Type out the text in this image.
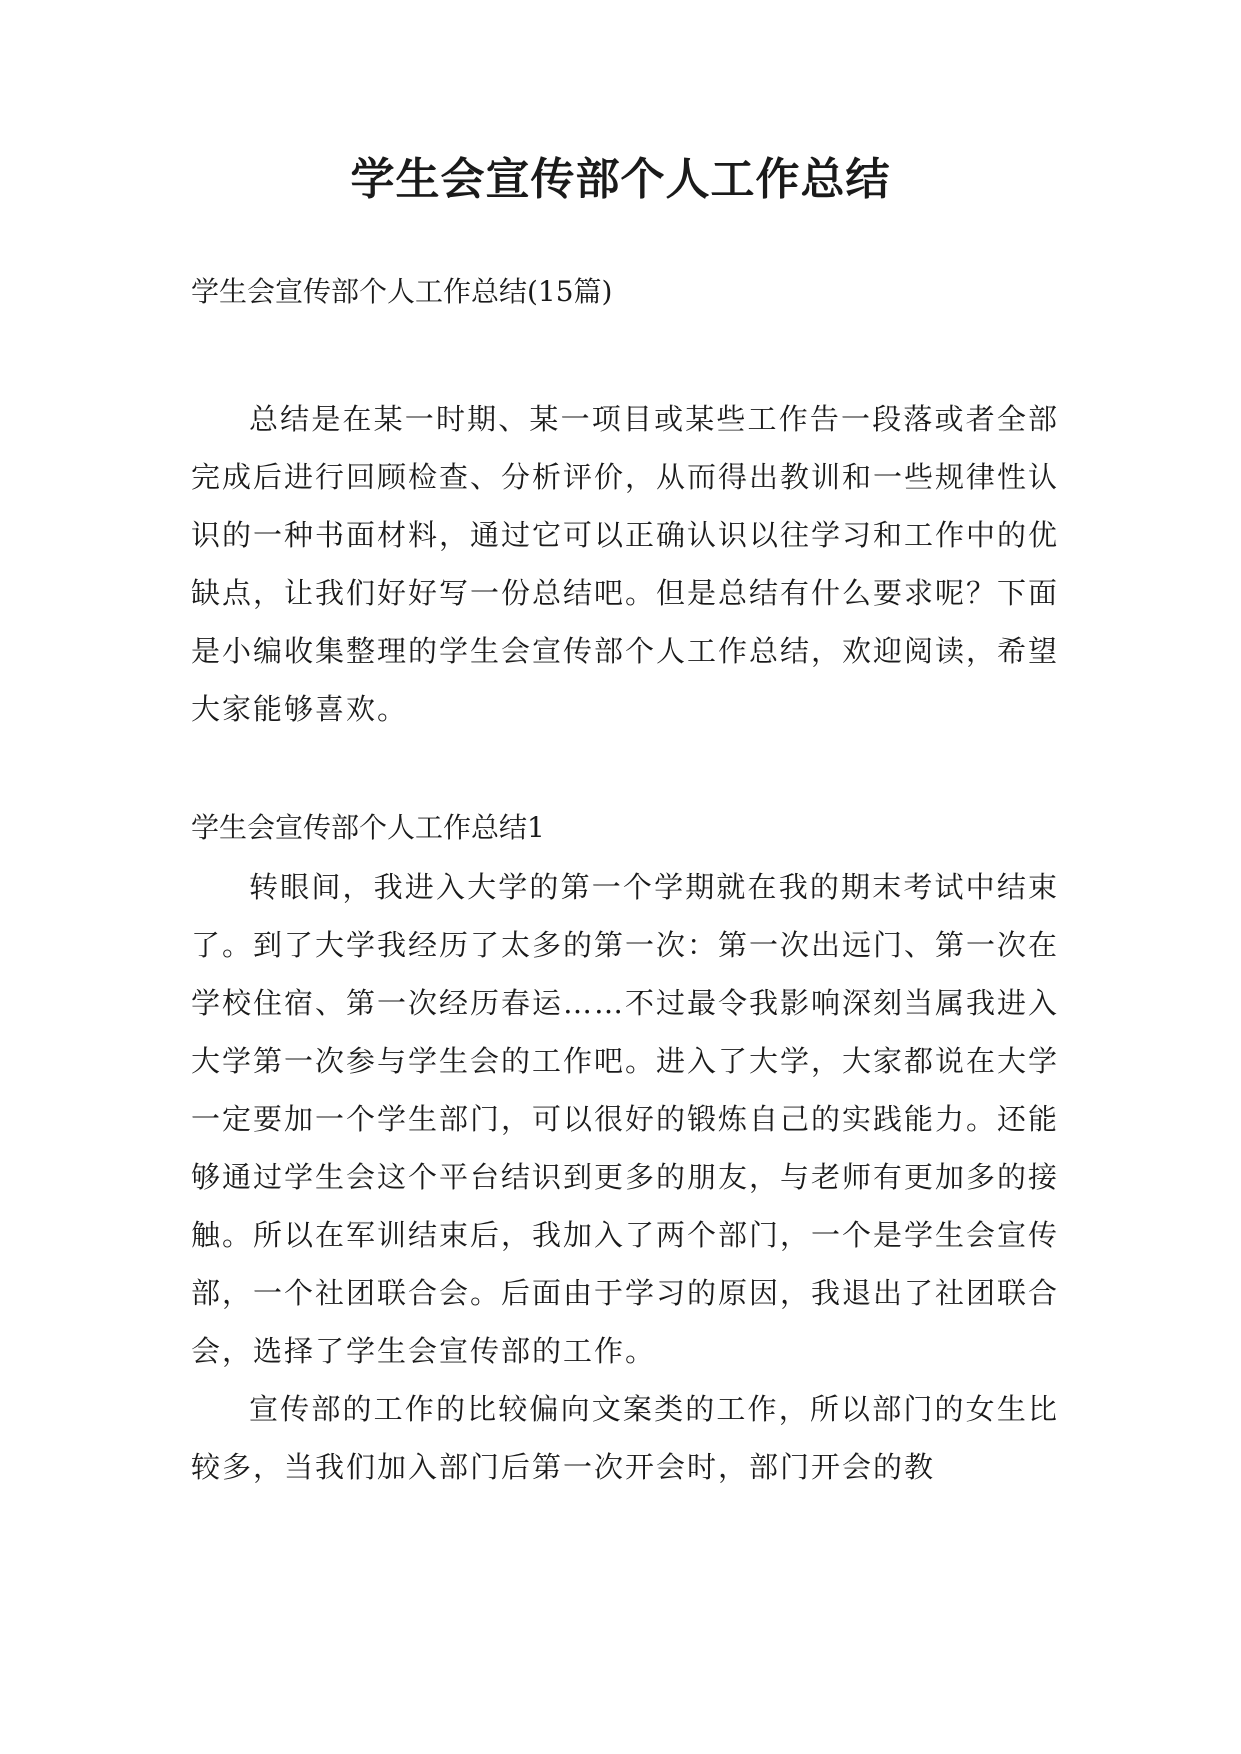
学生会宣传部个人工作总结

学生会宣传部个人工作总结(15篇)

总结是在某一时期、某一项目或某些工作告一段落或者全部完成后进行回顾检查、分析评价，从而得出教训和一些规律性认识的一种书面材料，通过它可以正确认识以往学习和工作中的优缺点，让我们好好写一份总结吧。但是总结有什么要求呢？下面是小编收集整理的学生会宣传部个人工作总结，欢迎阅读，希望大家能够喜欢。

学生会宣传部个人工作总结1

转眼间，我进入大学的第一个学期就在我的期末考试中结束了。到了大学我经历了太多的第一次：第一次出远门、第一次在学校住宿、第一次经历春运……不过最令我影响深刻当属我进入大学第一次参与学生会的工作吧。进入了大学，大家都说在大学一定要加一个学生部门，可以很好的锻炼自己的实践能力。还能够通过学生会这个平台结识到更多的朋友，与老师有更加多的接触。所以在军训结束后，我加入了两个部门，一个是学生会宣传部，一个社团联合会。后面由于学习的原因，我退出了社团联合会，选择了学生会宣传部的工作。

宣传部的工作的比较偏向文案类的工作，所以部门的女生比较多，当我们加入部门后第一次开会时，部门开会的教
